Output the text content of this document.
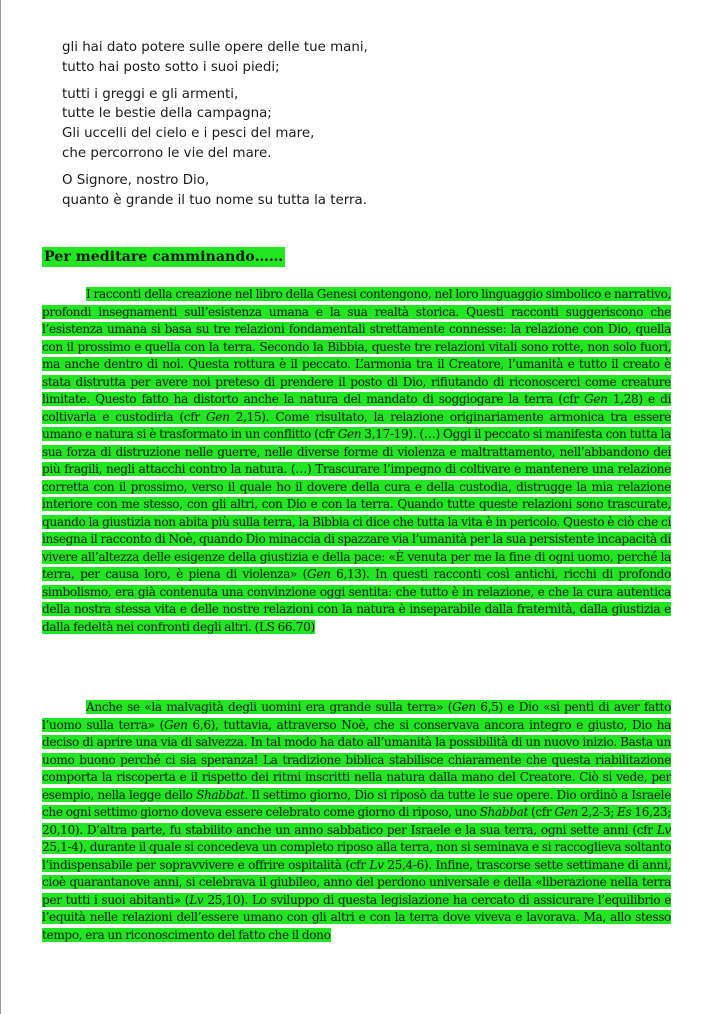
gli hai dato potere sulle opere delle tue mani,
tutto hai posto sotto i suoi piedi;
tutti i greggi e gli armenti,
tutte le bestie della campagna;
Gli uccelli del cielo e i pesci del mare,
che percorrono le vie del mare.
O Signore, nostro Dio,
quanto è grande il tuo nome su tutta la terra.
Per meditare camminando……

I racconti della creazione nel libro della Genesi contengono, nel loro linguaggio simbolico e narrativo, profondi insegnamenti sull’esistenza umana e la sua realtà storica. Questi racconti suggeriscono che l’esistenza umana si basa su tre relazioni fondamentali strettamente connesse: la relazione con Dio, quella con il prossimo e quella con la terra. Secondo la Bibbia, queste tre relazioni vitali sono rotte, non solo fuori, ma anche dentro di noi. Questa rottura è il peccato. L’armonia tra il Creatore, l’umanità e tutto il creato è stata distrutta per avere noi preteso di prendere il posto di Dio, rifiutando di riconoscerci come creature limitate. Questo fatto ha distorto anche la natura del mandato di soggiogare la terra (cfr Gen 1,28) e di coltivarla e custodirla (cfr Gen 2,15). Come risultato, la relazione originariamente armonica tra essere umano e natura si è trasformato in un conflitto (cfr Gen 3,17-19). (…) Oggi il peccato si manifesta con tutta la sua forza di distruzione nelle guerre, nelle diverse forme di violenza e maltrattamento, nell’abbandono dei più fragili, negli attacchi contro la natura. (…) Trascurare l’impegno di coltivare e mantenere una relazione corretta con il prossimo, verso il quale ho il dovere della cura e della custodia, distrugge la mia relazione interiore con me stesso, con gli altri, con Dio e con la terra. Quando tutte queste relazioni sono trascurate, quando la giustizia non abita più sulla terra, la Bibbia ci dice che tutta la vita è in pericolo. Questo è ciò che ci insegna il racconto di Noè, quando Dio minaccia di spazzare via l’umanità per la sua persistente incapacità di vivere all’altezza delle esigenze della giustizia e della pace: «È venuta per me la fine di ogni uomo, perché la terra, per causa loro, è piena di violenza» (Gen 6,13). In questi racconti così antichi, ricchi di profondo simbolismo, era già contenuta una convinzione oggi sentita: che tutto è in relazione, e che la cura autentica della nostra stessa vita e delle nostre relazioni con la natura è inseparabile dalla fraternità, dalla giustizia e dalla fedeltà nei confronti degli altri. (LS 66.70)

Anche se «la malvagità degli uomini era grande sulla terra» (Gen 6,5) e Dio «si pentì di aver fatto l’uomo sulla terra» (Gen 6,6), tuttavia, attraverso Noè, che si conservava ancora integro e giusto, Dio ha deciso di aprire una via di salvezza. In tal modo ha dato all’umanità la possibilità di un nuovo inizio. Basta un uomo buono perché ci sia speranza! La tradizione biblica stabilisce chiaramente che questa riabilitazione comporta la riscoperta e il rispetto dei ritmi inscritti nella natura dalla mano del Creatore. Ciò si vede, per esempio, nella legge dello Shabbat. Il settimo giorno, Dio si riposò da tutte le sue opere. Dio ordinò a Israele che ogni settimo giorno doveva essere celebrato come giorno di riposo, uno Shabbat (cfr Gen 2,2-3; Es 16,23; 20,10). D’altra parte, fu stabilito anche un anno sabbatico per Israele e la sua terra, ogni sette anni (cfr Lv 25,1-4), durante il quale si concedeva un completo riposo alla terra, non si seminava e si raccoglieva soltanto l’indispensabile per sopravvivere e offrire ospitalità (cfr Lv 25,4-6). Infine, trascorse sette settimane di anni, cioè quarantanove anni, si celebrava il giubileo, anno del perdono universale e della «liberazione nella terra per tutti i suoi abitanti» (Lv 25,10). Lo sviluppo di questa legislazione ha cercato di assicurare l’equilibrio e l’equità nelle relazioni dell’essere umano con gli altri e con la terra dove viveva e lavorava. Ma, allo stesso tempo, era un riconoscimento del fatto che il dono
